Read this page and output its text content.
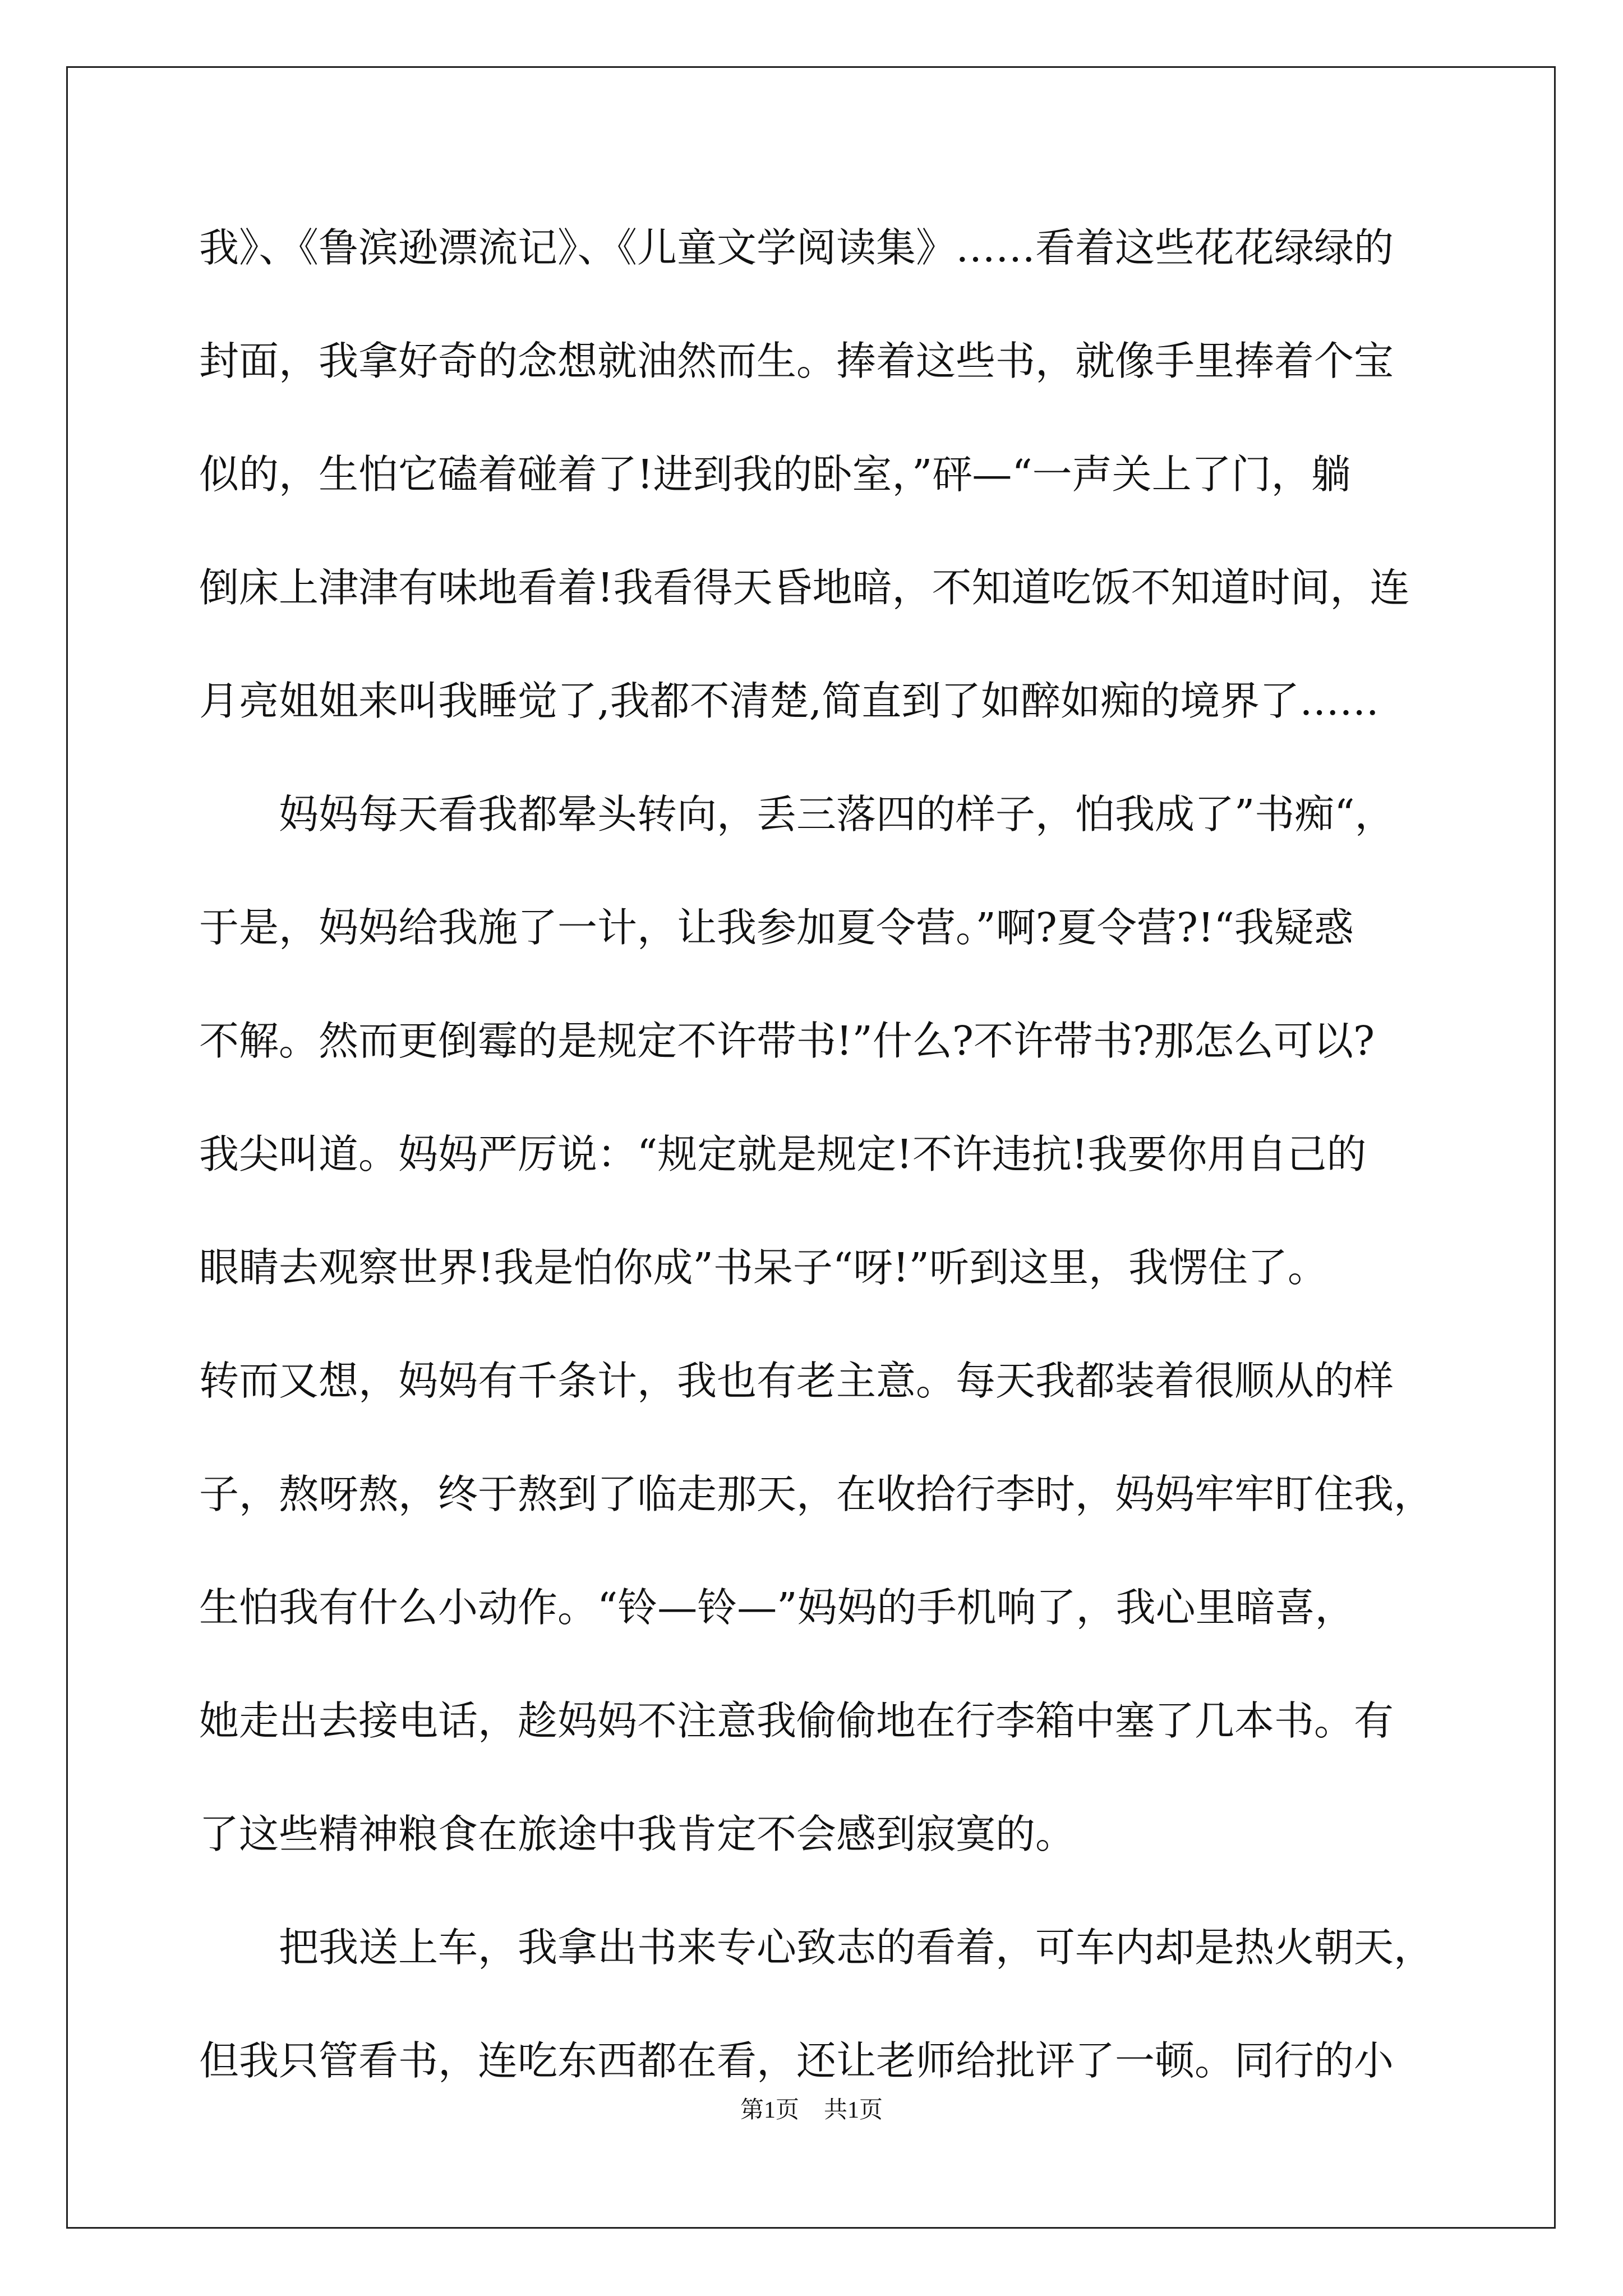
我》、《鲁滨逊漂流记》、《儿童文学阅读集》……看着这些花花绿绿的
封面，我拿好奇的念想就油然而生。捧着这些书，就像手里捧着个宝
似的，生怕它磕着碰着了!进到我的卧室，”砰—“一声关上了门，躺
倒床上津津有味地看着!我看得天昏地暗，不知道吃饭不知道时间，连
月亮姐姐来叫我睡觉了,我都不清楚,简直到了如醉如痴的境界了……
妈妈每天看我都晕头转向，丢三落四的样子，怕我成了”书痴“，
于是，妈妈给我施了一计，让我参加夏令营。”啊?夏令营?!“我疑惑
不解。然而更倒霉的是规定不许带书!”什么?不许带书?那怎么可以?
我尖叫道。妈妈严厉说：“规定就是规定!不许违抗!我要你用自己的
眼睛去观察世界!我是怕你成”书呆子“呀!”听到这里，我愣住了。
转而又想，妈妈有千条计，我也有老主意。每天我都装着很顺从的样
子，熬呀熬，终于熬到了临走那天，在收拾行李时，妈妈牢牢盯住我，
生怕我有什么小动作。“铃—铃—”妈妈的手机响了，我心里暗喜，
她走出去接电话，趁妈妈不注意我偷偷地在行李箱中塞了几本书。有
了这些精神粮食在旅途中我肯定不会感到寂寞的。
把我送上车，我拿出书来专心致志的看着，可车内却是热火朝天，
但我只管看书，连吃东西都在看，还让老师给批评了一顿。同行的小
第1页 共1页
